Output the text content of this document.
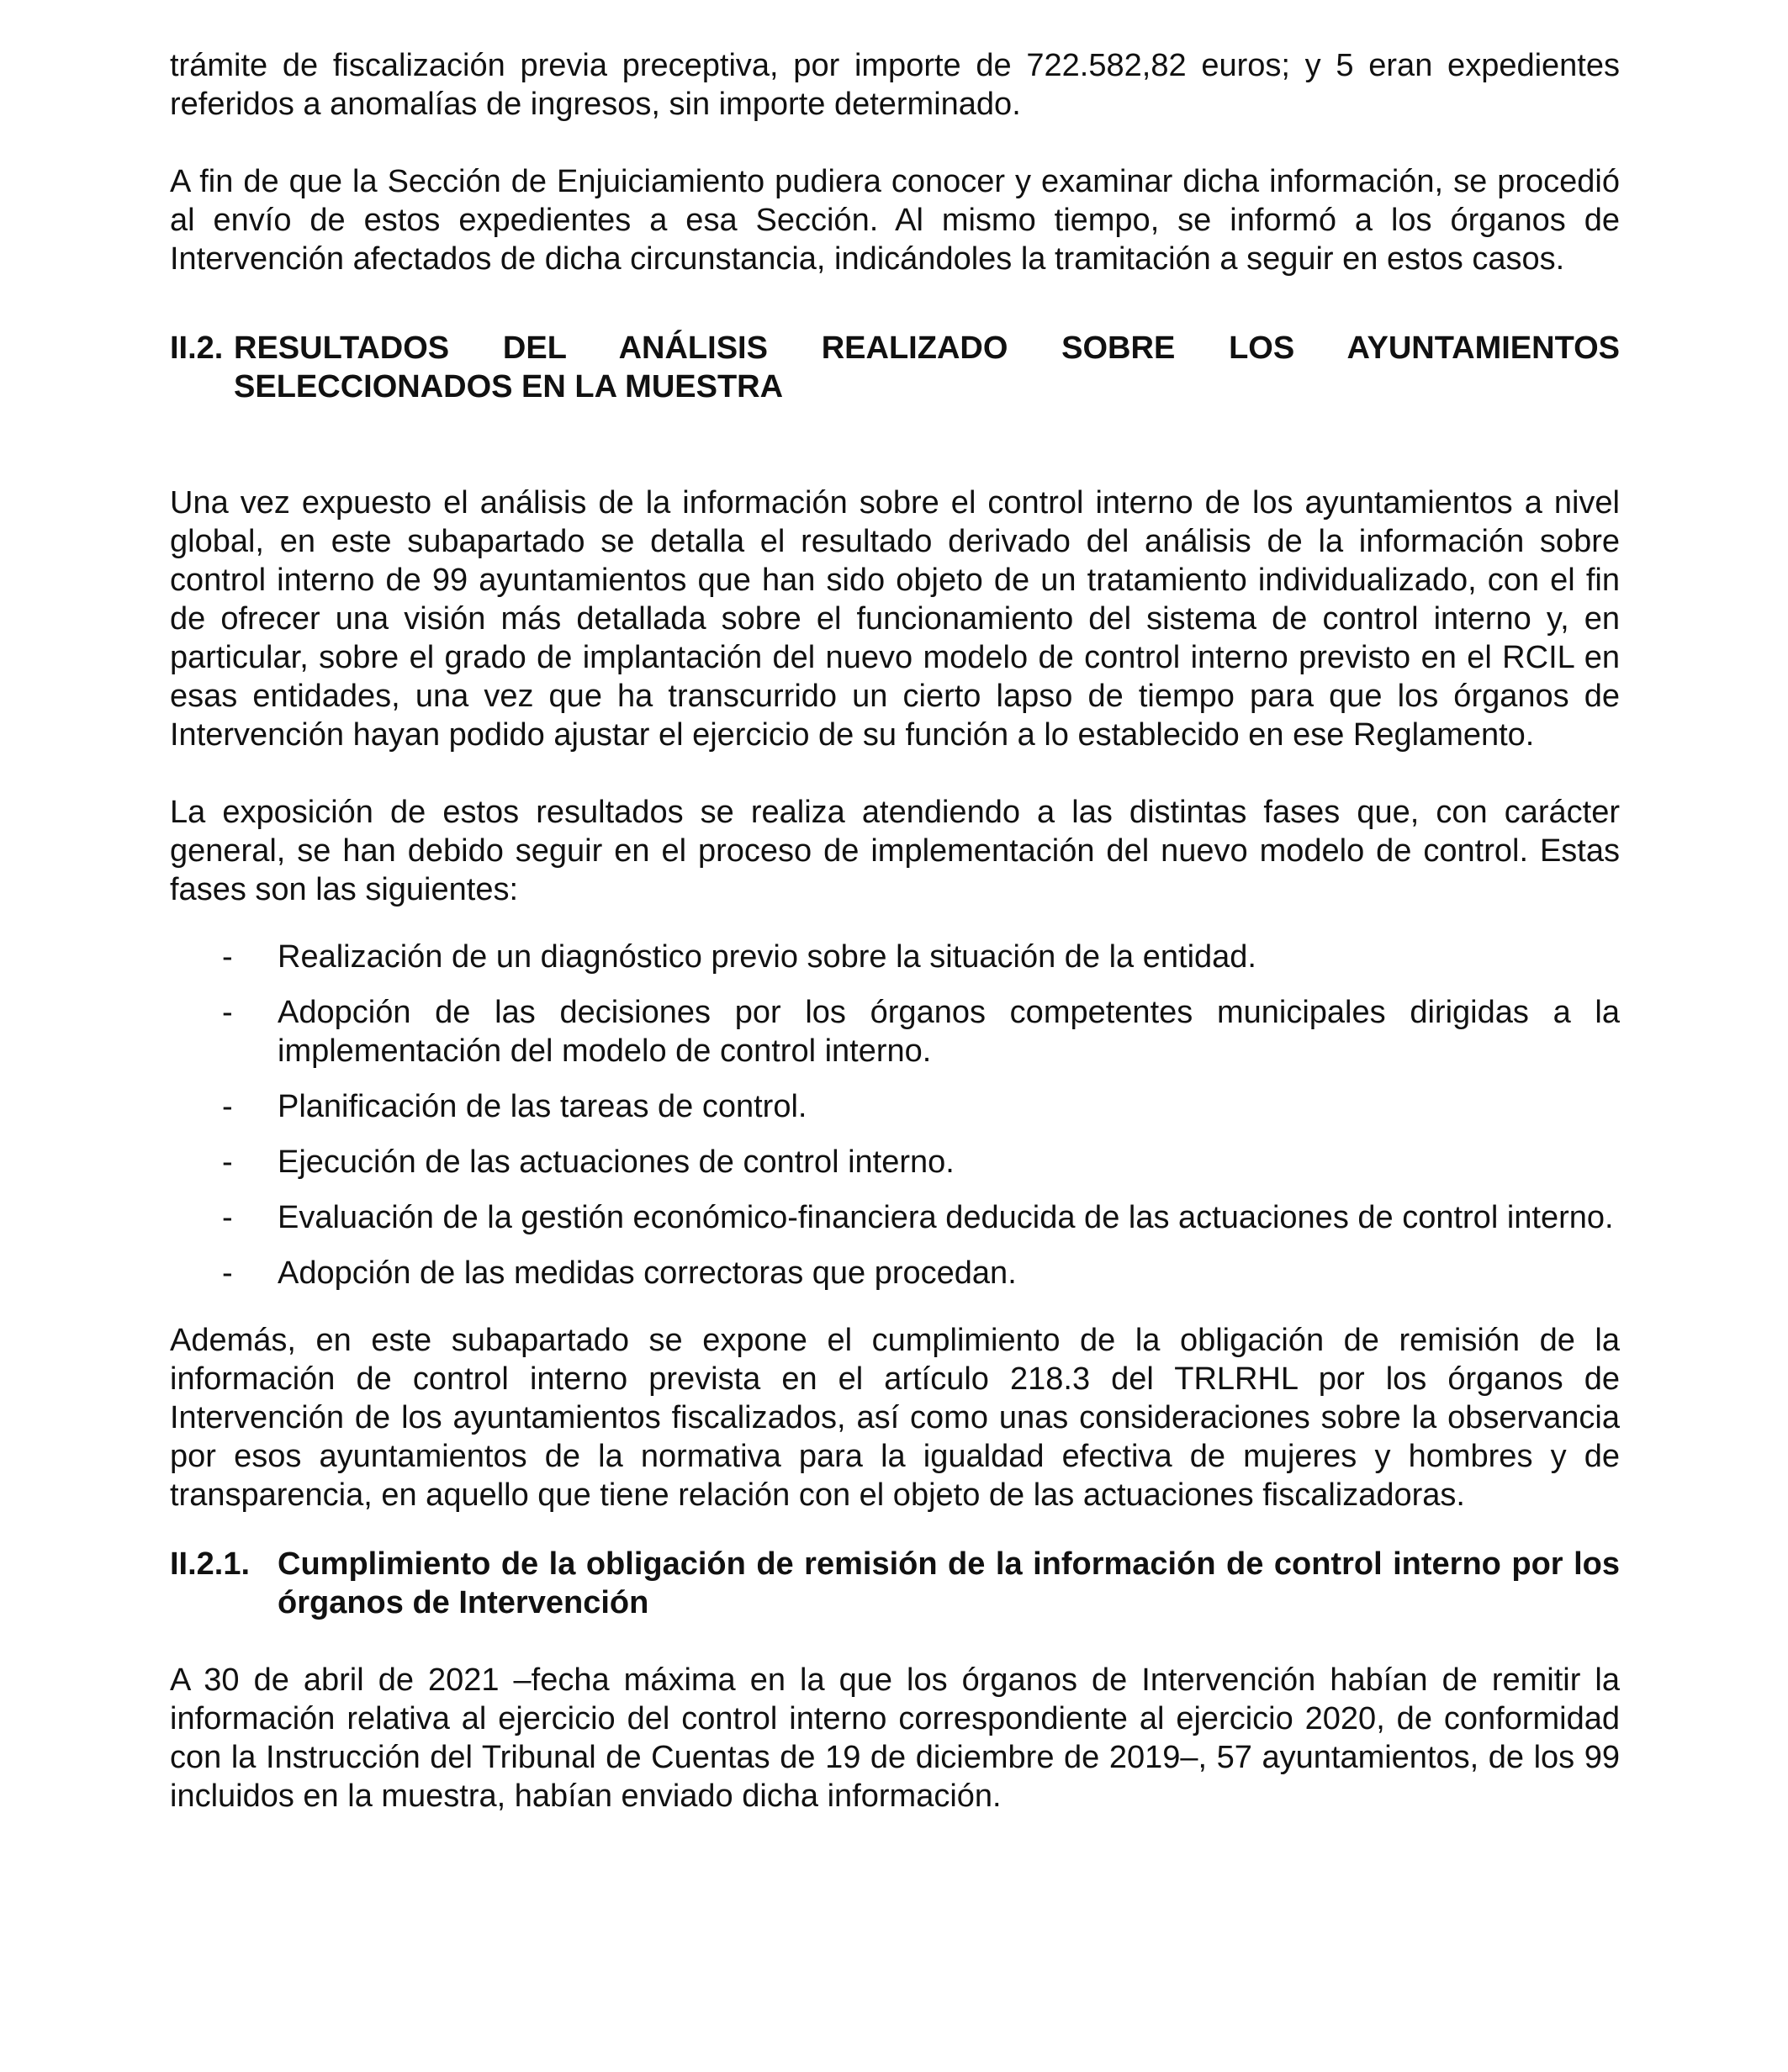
trámite de fiscalización previa preceptiva, por importe de 722.582,82 euros; y 5 eran expedientes referidos a anomalías de ingresos, sin importe determinado.

A fin de que la Sección de Enjuiciamiento pudiera conocer y examinar dicha información, se procedió al envío de estos expedientes a esa Sección. Al mismo tiempo, se informó a los órganos de Intervención afectados de dicha circunstancia, indicándoles la tramitación a seguir en estos casos.

II.2. RESULTADOS DEL ANÁLISIS REALIZADO SOBRE LOS AYUNTAMIENTOS SELECCIONADOS EN LA MUESTRA

Una vez expuesto el análisis de la información sobre el control interno de los ayuntamientos a nivel global, en este subapartado se detalla el resultado derivado del análisis de la información sobre control interno de 99 ayuntamientos que han sido objeto de un tratamiento individualizado, con el fin de ofrecer una visión más detallada sobre el funcionamiento del sistema de control interno y, en particular, sobre el grado de implantación del nuevo modelo de control interno previsto en el RCIL en esas entidades, una vez que ha transcurrido un cierto lapso de tiempo para que los órganos de Intervención hayan podido ajustar el ejercicio de su función a lo establecido en ese Reglamento.

La exposición de estos resultados se realiza atendiendo a las distintas fases que, con carácter general, se han debido seguir en el proceso de implementación del nuevo modelo de control. Estas fases son las siguientes:

-	Realización de un diagnóstico previo sobre la situación de la entidad.
-	Adopción de las decisiones por los órganos competentes municipales dirigidas a la implementación del modelo de control interno.
-	Planificación de las tareas de control.
-	Ejecución de las actuaciones de control interno.
-	Evaluación de la gestión económico-financiera deducida de las actuaciones de control interno.
-	Adopción de las medidas correctoras que procedan.

Además, en este subapartado se expone el cumplimiento de la obligación de remisión de la información de control interno prevista en el artículo 218.3 del TRLRHL por los órganos de Intervención de los ayuntamientos fiscalizados, así como unas consideraciones sobre la observancia por esos ayuntamientos de la normativa para la igualdad efectiva de mujeres y hombres y de transparencia, en aquello que tiene relación con el objeto de las actuaciones fiscalizadoras.

II.2.1. Cumplimiento de la obligación de remisión de la información de control interno por los órganos de Intervención

A 30 de abril de 2021 ‒fecha máxima en la que los órganos de Intervención habían de remitir la información relativa al ejercicio del control interno correspondiente al ejercicio 2020, de conformidad con la Instrucción del Tribunal de Cuentas de 19 de diciembre de 2019‒, 57 ayuntamientos, de los 99 incluidos en la muestra, habían enviado dicha información.
